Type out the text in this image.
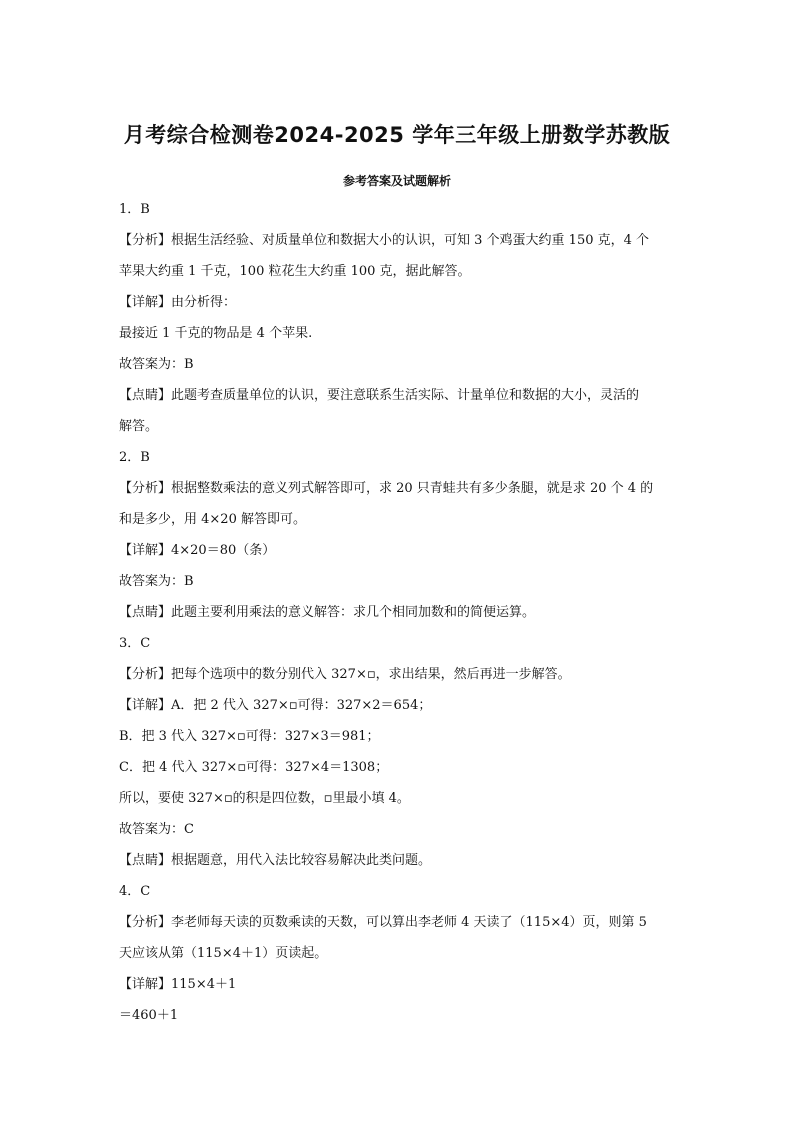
月考综合检测卷2024-2025 学年三年级上册数学苏教版
参考答案及试题解析
1．B
【分析】根据生活经验、对质量单位和数据大小的认识，可知 3 个鸡蛋大约重 150 克，4 个
苹果大约重 1 千克，100 粒花生大约重 100 克，据此解答。
【详解】由分析得：
最接近 1 千克的物品是 4 个苹果.
故答案为：B
【点睛】此题考查质量单位的认识，要注意联系生活实际、计量单位和数据的大小，灵活的
解答。
2．B
【分析】根据整数乘法的意义列式解答即可，求 20 只青蛙共有多少条腿，就是求 20 个 4 的
和是多少，用 4×20 解答即可。
【详解】4×20＝80（条）
故答案为：B
【点睛】此题主要利用乘法的意义解答：求几个相同加数和的简便运算。
3．C
【分析】把每个选项中的数分别代入 327×▫，求出结果，然后再进一步解答。
【详解】A．把 2 代入 327×▫可得：327×2＝654；
B．把 3 代入 327×▫可得：327×3＝981；
C．把 4 代入 327×▫可得：327×4＝1308；
所以，要使 327×▫的积是四位数，▫里最小填 4。
故答案为：C
【点睛】根据题意，用代入法比较容易解决此类问题。
4．C
【分析】李老师每天读的页数乘读的天数，可以算出李老师 4 天读了（115×4）页，则第 5
天应该从第（115×4＋1）页读起。
【详解】115×4＋1
＝460＋1
